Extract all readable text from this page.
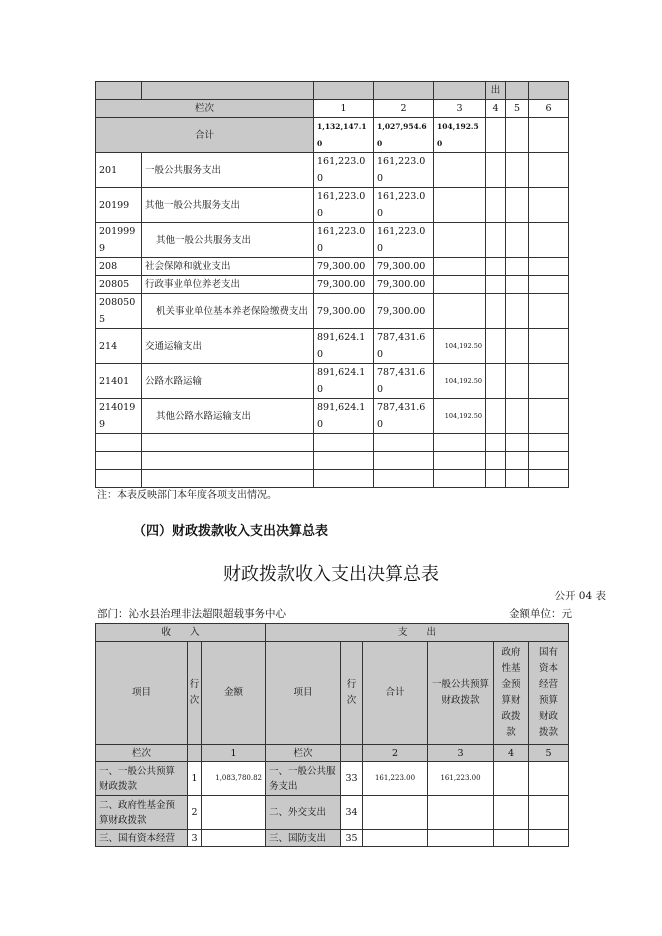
					出		
栏次		1	2	3	4	5	6
合计		1,132,147.10	1,027,954.60	104,192.50			
201	一般公共服务支出	161,223.00	161,223.00				
20199	其他一般公共服务支出	161,223.00	161,223.00				
2019999	其他一般公共服务支出	161,223.00	161,223.00				
208	社会保障和就业支出	79,300.00	79,300.00				
20805	行政事业单位养老支出	79,300.00	79,300.00				
2080505	机关事业单位基本养老保险缴费支出	79,300.00	79,300.00				
214	交通运输支出	891,624.10	787,431.60	104,192.50			
21401	公路水路运输	891,624.10	787,431.60	104,192.50			
2140199	其他公路水路运输支出	891,624.10	787,431.60	104,192.50			

注：本表反映部门本年度各项支出情况。
（四）财政拨款收入支出决算总表
财政拨款收入支出决算总表
公开 04 表
部门：沁水县治理非法超限超载事务中心	金额单位：元
收　　入			支　　出					
项目	行次	金额	项目	行次	合计	一般公共预算财政拨款	政府性基金预算财政拨款	国有资本经营预算财政拨款
栏次		1	栏次		2	3	4	5
一、一般公共预算财政拨款	1	1,083,780.82	一、一般公共服务支出	33	161,223.00	161,223.00		
二、政府性基金预算财政拨款	2		二、外交支出	34				
三、国有资本经营	3		三、国防支出	35				
